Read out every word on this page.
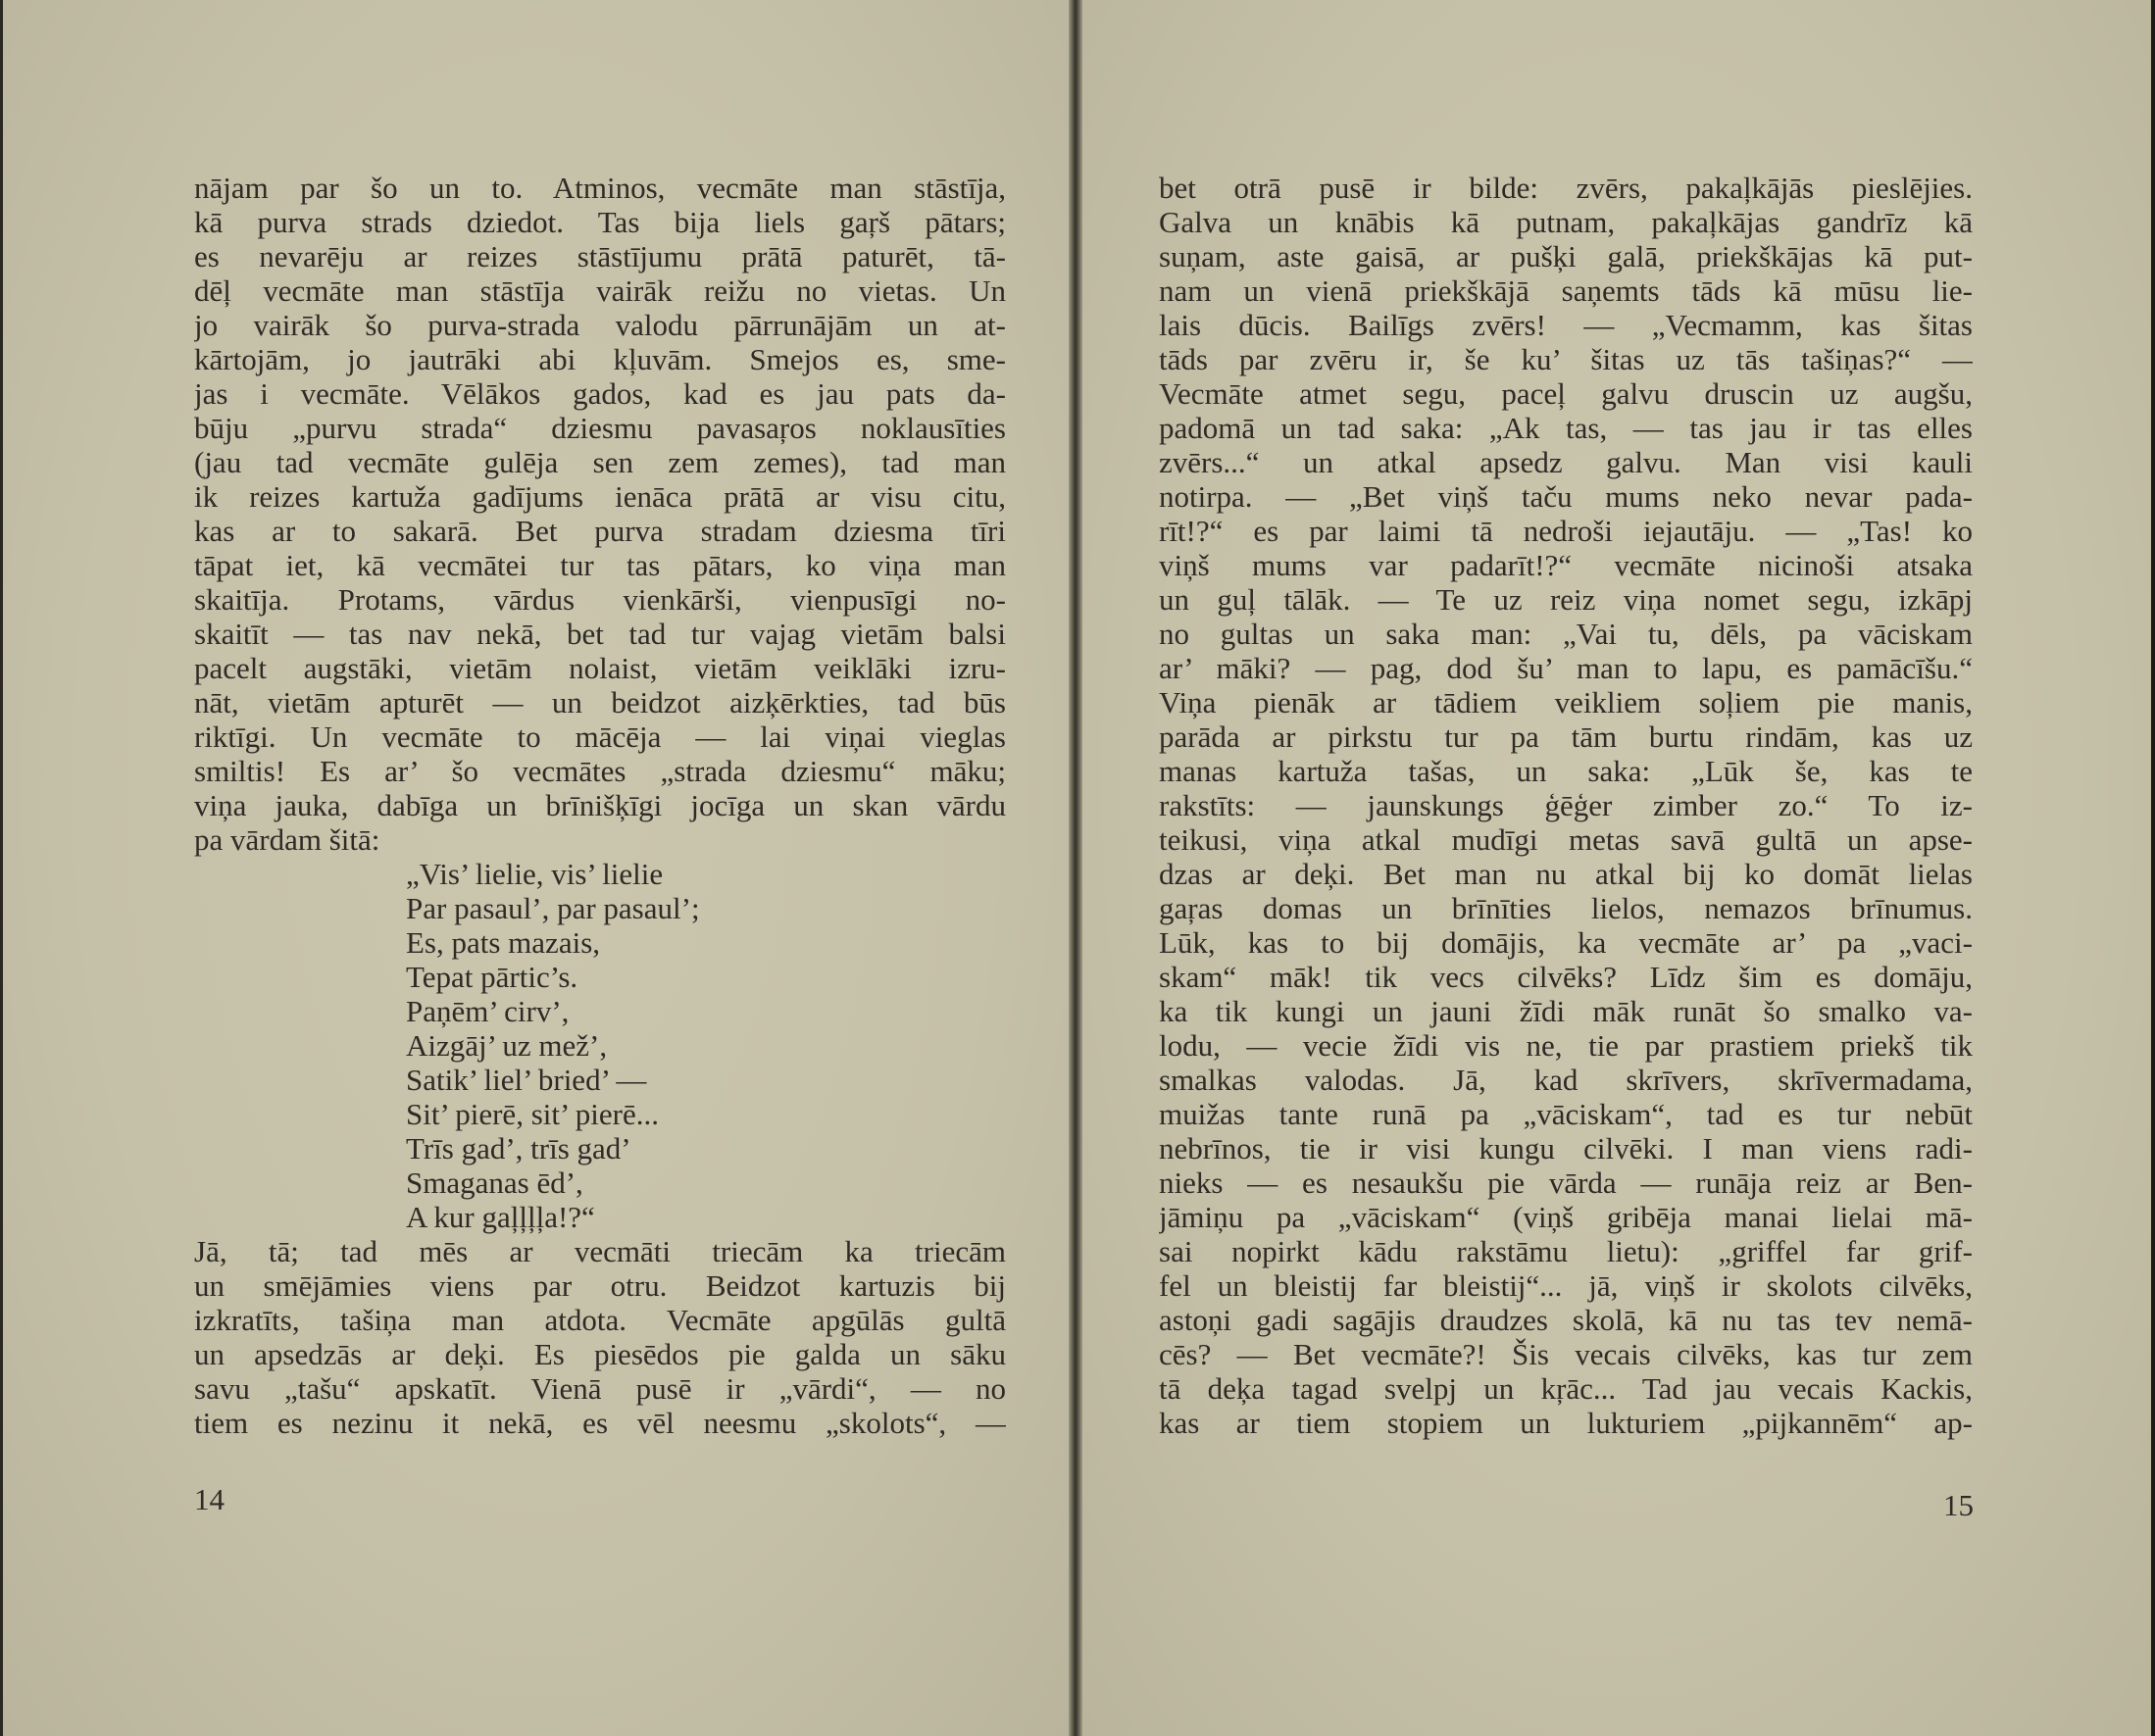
nājam par šo un to. Atminos, vecmāte man stāstīja,
kā purva strads dziedot. Tas bija liels gaŗš pātars;
es nevarēju ar reizes stāstījumu prātā paturēt, tā-
dēļ vecmāte man stāstīja vairāk reižu no vietas. Un
jo vairāk šo purva-strada valodu pārrunājām un at-
kārtojām, jo jautrāki abi kļuvām. Smejos es, sme-
jas i vecmāte. Vēlākos gados, kad es jau pats da-
būju „purvu strada“ dziesmu pavasaŗos noklausīties
(jau tad vecmāte gulēja sen zem zemes), tad man
ik reizes kartuža gadījums ienāca prātā ar visu citu,
kas ar to sakarā. Bet purva stradam dziesma tīri
tāpat iet, kā vecmātei tur tas pātars, ko viņa man
skaitīja. Protams, vārdus vienkārši, vienpusīgi no-
skaitīt — tas nav nekā, bet tad tur vajag vietām balsi
pacelt augstāki, vietām nolaist, vietām veiklāki izru-
nāt, vietām apturēt — un beidzot aizķērkties, tad būs
riktīgi. Un vecmāte to mācēja — lai viņai vieglas
smiltis! Es ar’ šo vecmātes „strada dziesmu“ māku;
viņa jauka, dabīga un brīnišķīgi jocīga un skan vārdu
pa vārdam šitā:
„Vis’ lielie, vis’ lielie
Par pasaul’, par pasaul’;
Es, pats mazais,
Tepat pārtic’s.
Paņēm’ cirv’,
Aizgāj’ uz mež’,
Satik’ liel’ bried’ —
Sit’ pierē, sit’ pierē...
Trīs gad’, trīs gad’
Smaganas ēd’,
A kur gaļļļļa!?“
Jā, tā; tad mēs ar vecmāti triecām ka triecām
un smējāmies viens par otru. Beidzot kartuzis bij
izkratīts, tašiņa man atdota. Vecmāte apgūlās gultā
un apsedzās ar deķi. Es piesēdos pie galda un sāku
savu „tašu“ apskatīt. Vienā pusē ir „vārdi“, — no
tiem es nezinu it nekā, es vēl neesmu „skolots“, —
14
bet otrā pusē ir bilde: zvērs, pakaļkājās pieslējies.
Galva un knābis kā putnam, pakaļkājas gandrīz kā
suņam, aste gaisā, ar pušķi galā, priekškājas kā put-
nam un vienā priekškājā saņemts tāds kā mūsu lie-
lais dūcis. Bailīgs zvērs! — „Vecmamm, kas šitas
tāds par zvēru ir, še ku’ šitas uz tās tašiņas?“ —
Vecmāte atmet segu, paceļ galvu druscin uz augšu,
padomā un tad saka: „Ak tas, — tas jau ir tas elles
zvērs...“ un atkal apsedz galvu. Man visi kauli
notirpa. — „Bet viņš taču mums neko nevar pada-
rīt!?“ es par laimi tā nedroši iejautāju. — „Tas! ko
viņš mums var padarīt!?“ vecmāte nicinoši atsaka
un guļ tālāk. — Te uz reiz viņa nomet segu, izkāpj
no gultas un saka man: „Vai tu, dēls, pa vāciskam
ar’ māki? — pag, dod šu’ man to lapu, es pamācīšu.“
Viņa pienāk ar tādiem veikliem soļiem pie manis,
parāda ar pirkstu tur pa tām burtu rindām, kas uz
manas kartuža tašas, un saka: „Lūk še, kas te
rakstīts: — jaunskungs ģēģer zimber zo.“ To iz-
teikusi, viņa atkal mudīgi metas savā gultā un apse-
dzas ar deķi. Bet man nu atkal bij ko domāt lielas
gaŗas domas un brīnīties lielos, nemazos brīnumus.
Lūk, kas to bij domājis, ka vecmāte ar’ pa „vaci-
skam“ māk! tik vecs cilvēks? Līdz šim es domāju,
ka tik kungi un jauni žīdi māk runāt šo smalko va-
lodu, — vecie žīdi vis ne, tie par prastiem priekš tik
smalkas valodas. Jā, kad skrīvers, skrīvermadama,
muižas tante runā pa „vāciskam“, tad es tur nebūt
nebrīnos, tie ir visi kungu cilvēki. I man viens radi-
nieks — es nesaukšu pie vārda — runāja reiz ar Ben-
jāmiņu pa „vāciskam“ (viņš gribēja manai lielai mā-
sai nopirkt kādu rakstāmu lietu): „griffel far grif-
fel un bleistij far bleistij“... jā, viņš ir skolots cilvēks,
astoņi gadi sagājis draudzes skolā, kā nu tas tev nemā-
cēs? — Bet vecmāte?! Šis vecais cilvēks, kas tur zem
tā deķa tagad svelpj un kŗāc... Tad jau vecais Kackis,
kas ar tiem stopiem un lukturiem „pijkannēm“ ap-
15
